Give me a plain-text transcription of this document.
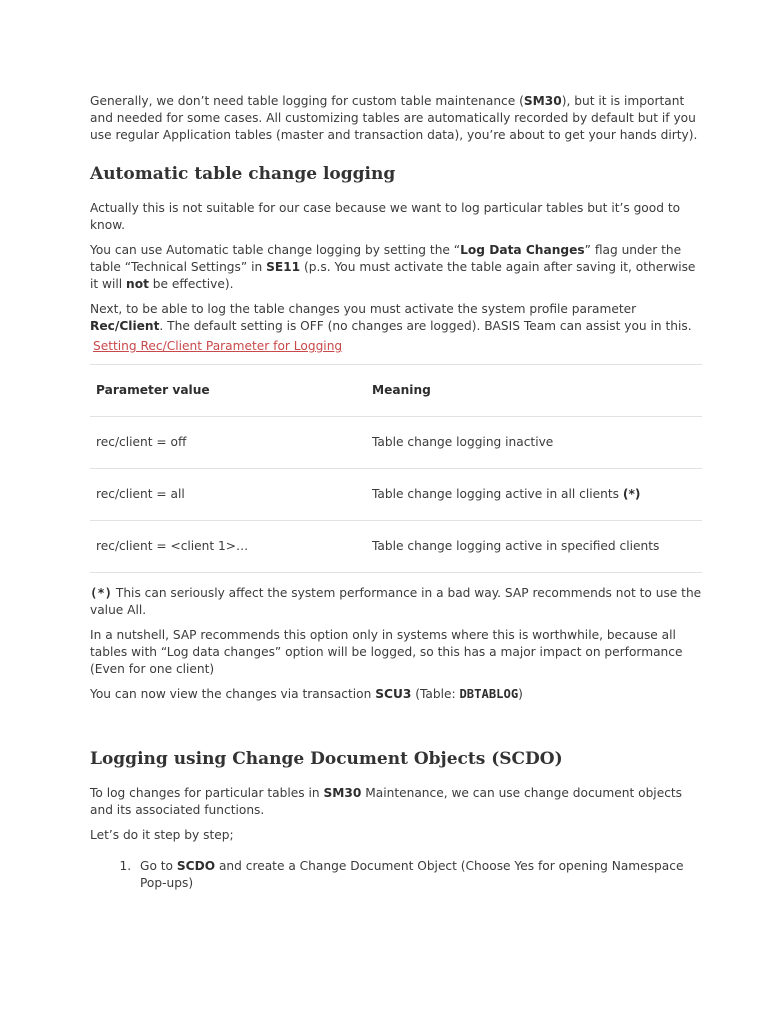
Generally, we don’t need table logging for custom table maintenance (SM30), but it is important and needed for some cases. All customizing tables are automatically recorded by default but if you use regular Application tables (master and transaction data), you’re about to get your hands dirty).

Automatic table change logging

Actually this is not suitable for our case because we want to log particular tables but it’s good to know.

You can use Automatic table change logging by setting the “Log Data Changes” flag under the table “Technical Settings” in SE11 (p.s. You must activate the table again after saving it, otherwise it will not be effective).

Next, to be able to log the table changes you must activate the system profile parameter Rec/Client. The default setting is OFF (no changes are logged). BASIS Team can assist you in this.

Setting Rec/Client Parameter for Logging
Parameter value	Meaning
rec/client = off	Table change logging inactive
rec/client = all	Table change logging active in all clients (*)
rec/client = <client 1>…	Table change logging active in specified clients

(*) This can seriously affect the system performance in a bad way. SAP recommends not to use the value All.

In a nutshell, SAP recommends this option only in systems where this is worthwhile, because all tables with “Log data changes” option will be logged, so this has a major impact on performance (Even for one client)

You can now view the changes via transaction SCU3 (Table: DBTABLOG)

Logging using Change Document Objects (SCDO)

To log changes for particular tables in SM30 Maintenance, we can use change document objects and its associated functions.

Let’s do it step by step;

1. Go to SCDO and create a Change Document Object (Choose Yes for opening Namespace Pop-ups)
